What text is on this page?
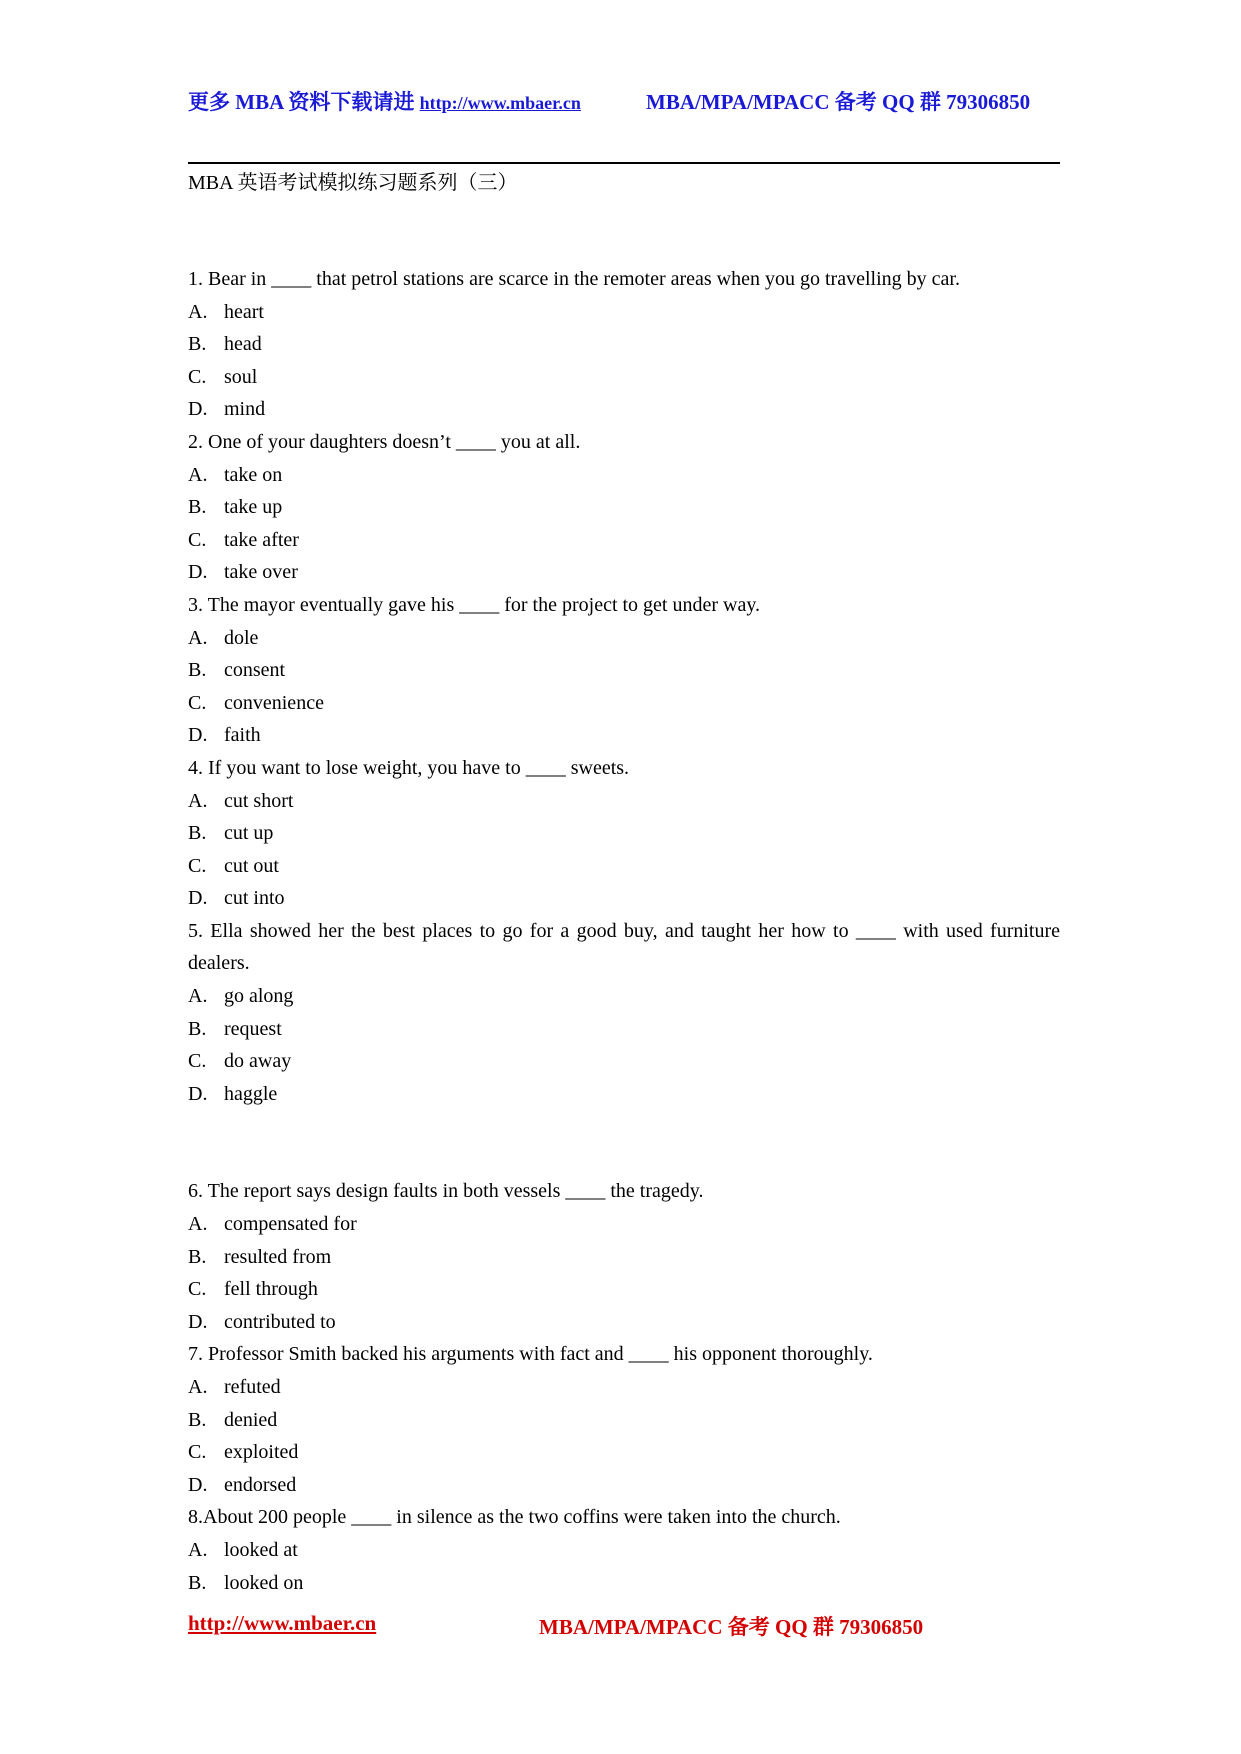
更多 MBA 资料下载请进 http://www.mbaer.cn	MBA/MPA/MPACC 备考 QQ 群 79306850
MBA 英语考试模拟练习题系列（三）
1. Bear in ____ that petrol stations are scarce in the remoter areas when you go travelling by car.
A. heart
B. head
C. soul
D. mind
2. One of your daughters doesn’t ____ you at all.
A. take on
B. take up
C. take after
D. take over
3. The mayor eventually gave his ____ for the project to get under way.
A. dole
B. consent
C. convenience
D. faith
4. If you want to lose weight, you have to ____ sweets.
A. cut short
B. cut up
C. cut out
D. cut into
5. Ella showed her the best places to go for a good buy, and taught her how to ____ with used furniture dealers.
A. go along
B. request
C. do away
D. haggle
6. The report says design faults in both vessels ____ the tragedy.
A. compensated for
B. resulted from
C. fell through
D. contributed to
7. Professor Smith backed his arguments with fact and ____ his opponent thoroughly.
A. refuted
B. denied
C. exploited
D. endorsed
8.About 200 people ____ in silence as the two coffins were taken into the church.
A. looked at
B. looked on
http://www.mbaer.cn	MBA/MPA/MPACC 备考 QQ 群 79306850
